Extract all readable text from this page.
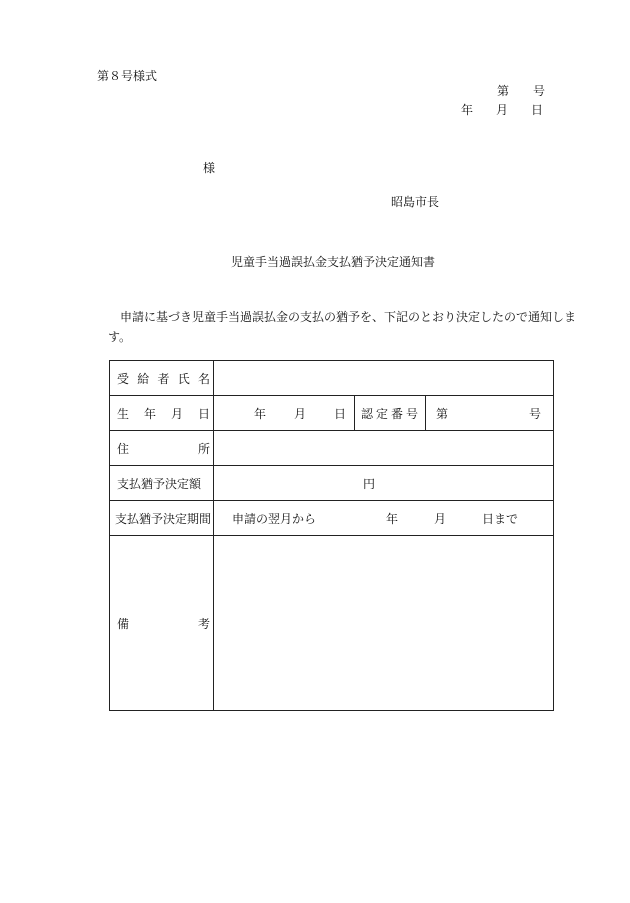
第８号様式
第 号
年 月 日
様
昭島市長
児童手当過誤払金支払猶予決定通知書
申請に基づき児童手当過誤払金の支払の猶予を、下記のとおり決定したので通知します。
受 給 者 氏 名			

生 年 月 日	年 月 日	認定番号	第 号

住 所			

支払猶予決定額	円		
支払猶予決定期間	申請の翌月から 年 月 日まで		

備 考			
